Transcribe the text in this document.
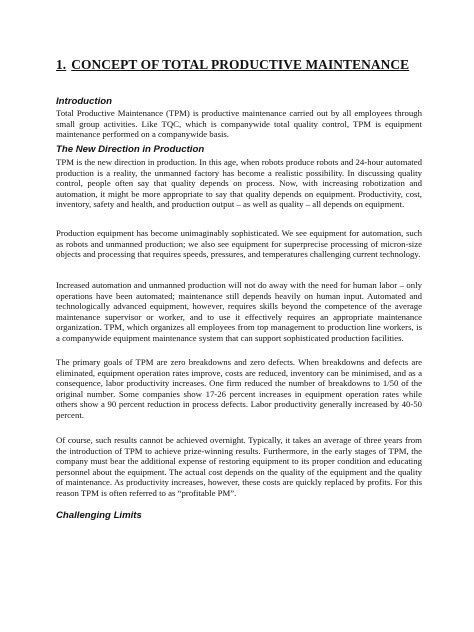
1. CONCEPT OF TOTAL PRODUCTIVE MAINTENANCE
Introduction

Total Productive Maintenance (TPM) is productive maintenance carried out by all employees through small group activities. Like TQC, which is companywide total quality control, TPM is equipment maintenance performed on a companywide basis.

The New Direction in Production

TPM is the new direction in production. In this age, when robots produce robots and 24-hour automated production is a reality, the unmanned factory has become a realistic possibility. In discussing quality control, people often say that quality depends on process. Now, with increasing robotization and automation, it might be more appropriate to say that quality depends on equipment. Productivity, cost, inventory, safety and health, and production output – as well as quality – all depends on equipment.

Production equipment has become unimaginably sophisticated. We see equipment for automation, such as robots and unmanned production; we also see equipment for superprecise processing of micron-size objects and processing that requires speeds, pressures, and temperatures challenging current technology.

Increased automation and unmanned production will not do away with the need for human labor – only operations have been automated; maintenance still depends heavily on human input. Automated and technologically advanced equipment, however, requires skills beyond the competence of the average maintenance supervisor or worker, and to use it effectively requires an appropriate maintenance organization. TPM, which organizes all employees from top management to production line workers, is a companywide equipment maintenance system that can support sophisticated production facilities.

The primary goals of TPM are zero breakdowns and zero defects. When breakdowns and defects are eliminated, equipment operation rates improve, costs are reduced, inventory can be minimised, and as a consequence, labor productivity increases. One firm reduced the number of breakdowns to 1/50 of the original number. Some companies show 17-26 percent increases in equipment operation rates while others show a 90 percent reduction in process defects. Labor productivity generally increased by 40-50 percent.

Of course, such results cannot be achieved overnight. Typically, it takes an average of three years from the introduction of TPM to achieve prize-winning results. Furthermore, in the early stages of TPM, the company must bear the additional expense of restoring equipment to its proper condition and educating personnel about the equipment. The actual cost depends on the quality of the equipment and the quality of maintenance. As productivity increases, however, these costs are quickly replaced by profits. For this reason TPM is often referred to as “profitable PM”.

Challenging Limits
